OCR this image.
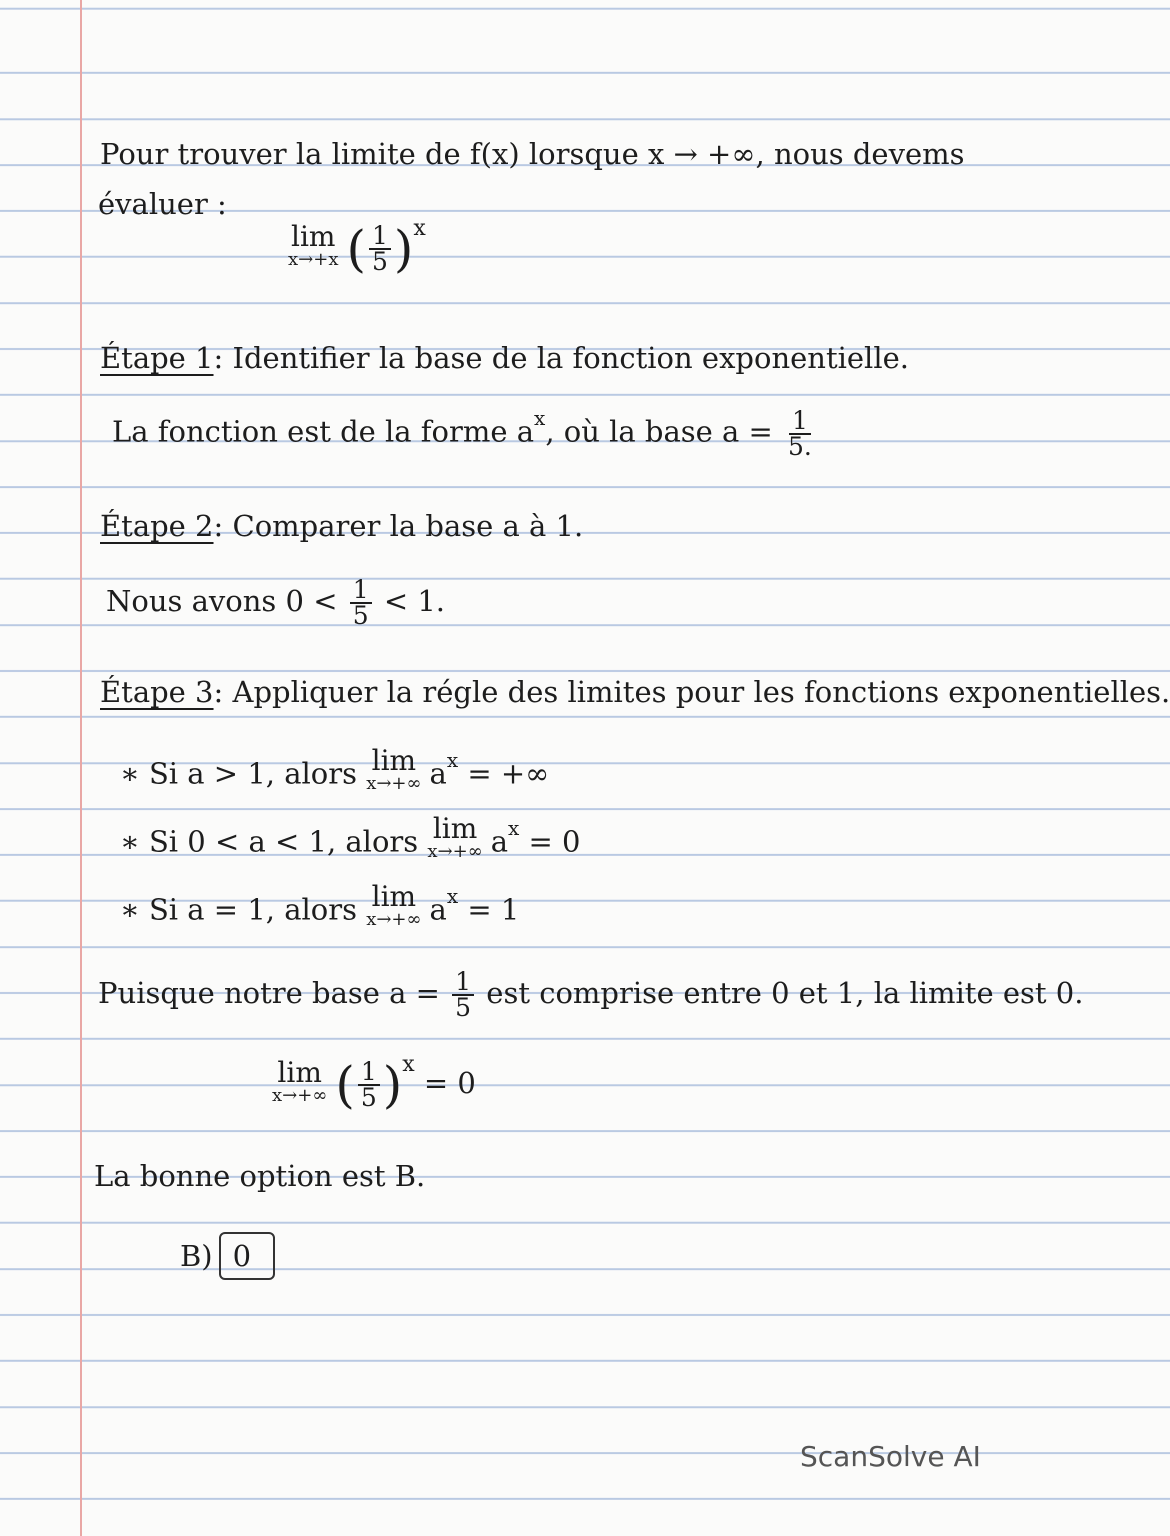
Pour trouver la limite de f(x) lorsque x → +∞, nous devems
évaluer :
lim
x→+x ( $\frac{1}{5} )^x$
Étape 1: Identifier la base de la fonction exponentielle.
La fonction est de la forme $a^x$, où la base $a = \frac{1}{5.}$
Étape 2: Comparer la base a à 1.
Nous avons $0 < \frac{1}{5} < 1$.
Étape 3: Appliquer la régle des limites pour les fonctions exponentielles.
∗ Si a > 1, alors lim
x→+∞ $a^x$ = +∞
∗ Si 0 < a < 1, alors lim
x→+∞ $a^x = 0$
∗ Si a = 1, alors lim
x→+∞ $a^x = 1$
Puisque notre base $a = \frac{1}{5}$ est comprise entre 0 et 1, la limite est 0.
lim
x→+∞ ( $\frac{1}{5} )^x = 0$
La bonne option est B.
B) 0
ScanSolve AI
